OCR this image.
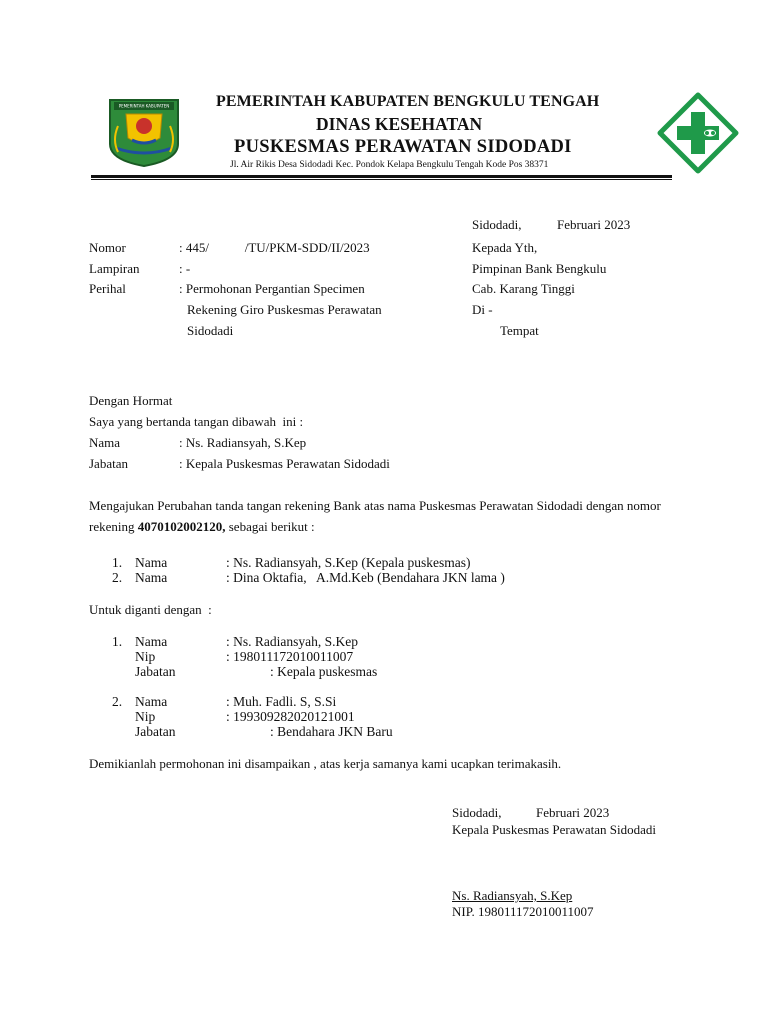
PEMERINTAH KABUPATEN	PEMERINTAH KABUPATEN BENGKULU TENGAH
DINAS KESEHATAN
PUSKESMAS PERAWATAN SIDODADI
Jl. Air Rikis Desa Sidodadi Kec. Pondok Kelapa Bengkulu Tengah Kode Pos 38371
Sidodadi,	Februari 2023
Nomor	: 445/           /TU/PKM-SDD/II/2023
Lampiran	: -
Perihal	: Permohonan Pergantian Specimen
Rekening Giro Puskesmas Perawatan
Sidodadi
Kepada Yth,
Pimpinan Bank Bengkulu
Cab. Karang Tinggi
Di -
Tempat
Dengan Hormat
Saya yang bertanda tangan dibawah  ini :
Nama	: Ns. Radiansyah, S.Kep
Jabatan	: Kepala Puskesmas Perawatan Sidodadi
Mengajukan Perubahan tanda tangan rekening Bank atas nama Puskesmas Perawatan Sidodadi dengan nomor
rekening 4070102002120, sebagai berikut :
1. Nama	: Ns. Radiansyah, S.Kep (Kepala puskesmas)
2. Nama	: Dina Oktafia,   A.Md.Keb (Bendahara JKN lama )
Untuk diganti dengan  :
1. Nama	: Ns. Radiansyah, S.Kep
Nip	: 198011172010011007
Jabatan	: Kepala puskesmas
2. Nama	: Muh. Fadli. S, S.Si
Nip	: 199309282020121001
Jabatan	: Bendahara JKN Baru
Demikianlah permohonan ini disampaikan , atas kerja samanya kami ucapkan terimakasih.
Sidodadi,	Februari 2023
Kepala Puskesmas Perawatan Sidodadi
Ns. Radiansyah, S.Kep
NIP. 198011172010011007
